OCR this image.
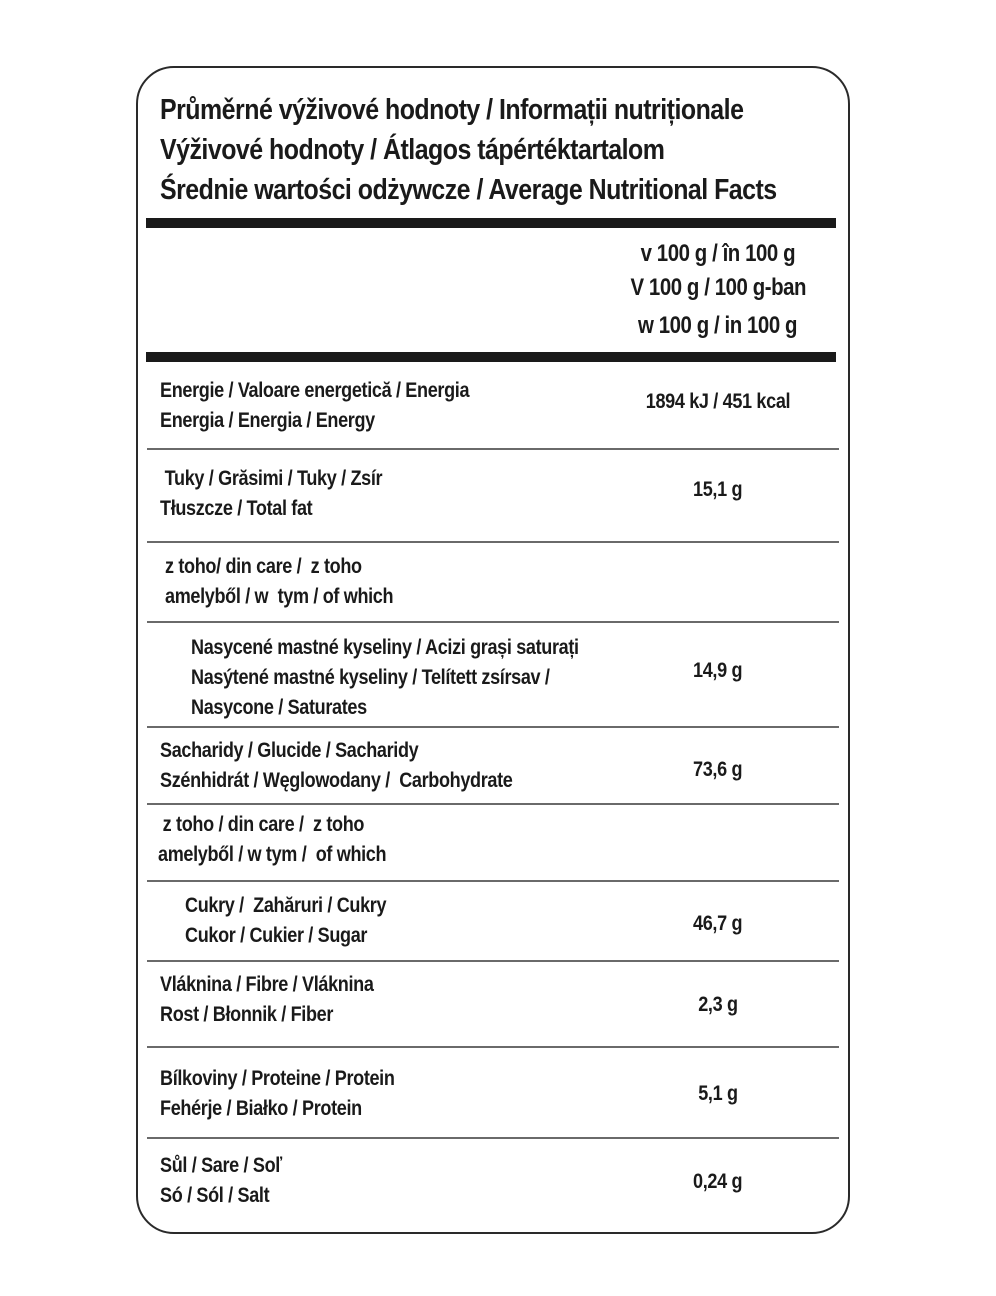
Průměrné výživové hodnoty / Informații nutriționale
Výživové hodnoty / Átlagos tápértéktartalom
Średnie wartości odżywcze / Average Nutritional Facts
v 100 g / în 100 g
V 100 g / 100 g-ban
w 100 g / in 100 g
Energie / Valoare energetică / Energia
Energia / Energia / Energy
1894 kJ / 451 kcal
Tuky / Grăsimi / Tuky / Zsír
Tłuszcze / Total fat
15,1 g
z toho/ din care /  z toho
amelyből / w  tym / of which
Nasycené mastné kyseliny / Acizi grași saturați
Nasýtené mastné kyseliny / Telített zsírsav /
Nasycone / Saturates
14,9 g
Sacharidy / Glucide / Sacharidy
Szénhidrát / Węglowodany /  Carbohydrate	73,6 g
z toho / din care /  z toho
amelyből / w tym /  of which
Cukry /  Zahăruri / Cukry
Cukor / Cukier / Sugar
46,7 g
Vláknina / Fibre / Vláknina
Rost / Błonnik / Fiber	2,3 g
Bílkoviny / Proteine / Protein
Fehérje / Białko / Protein
5,1 g
Sůl / Sare / Soľ
Só / Sól / Salt
0,24 g
